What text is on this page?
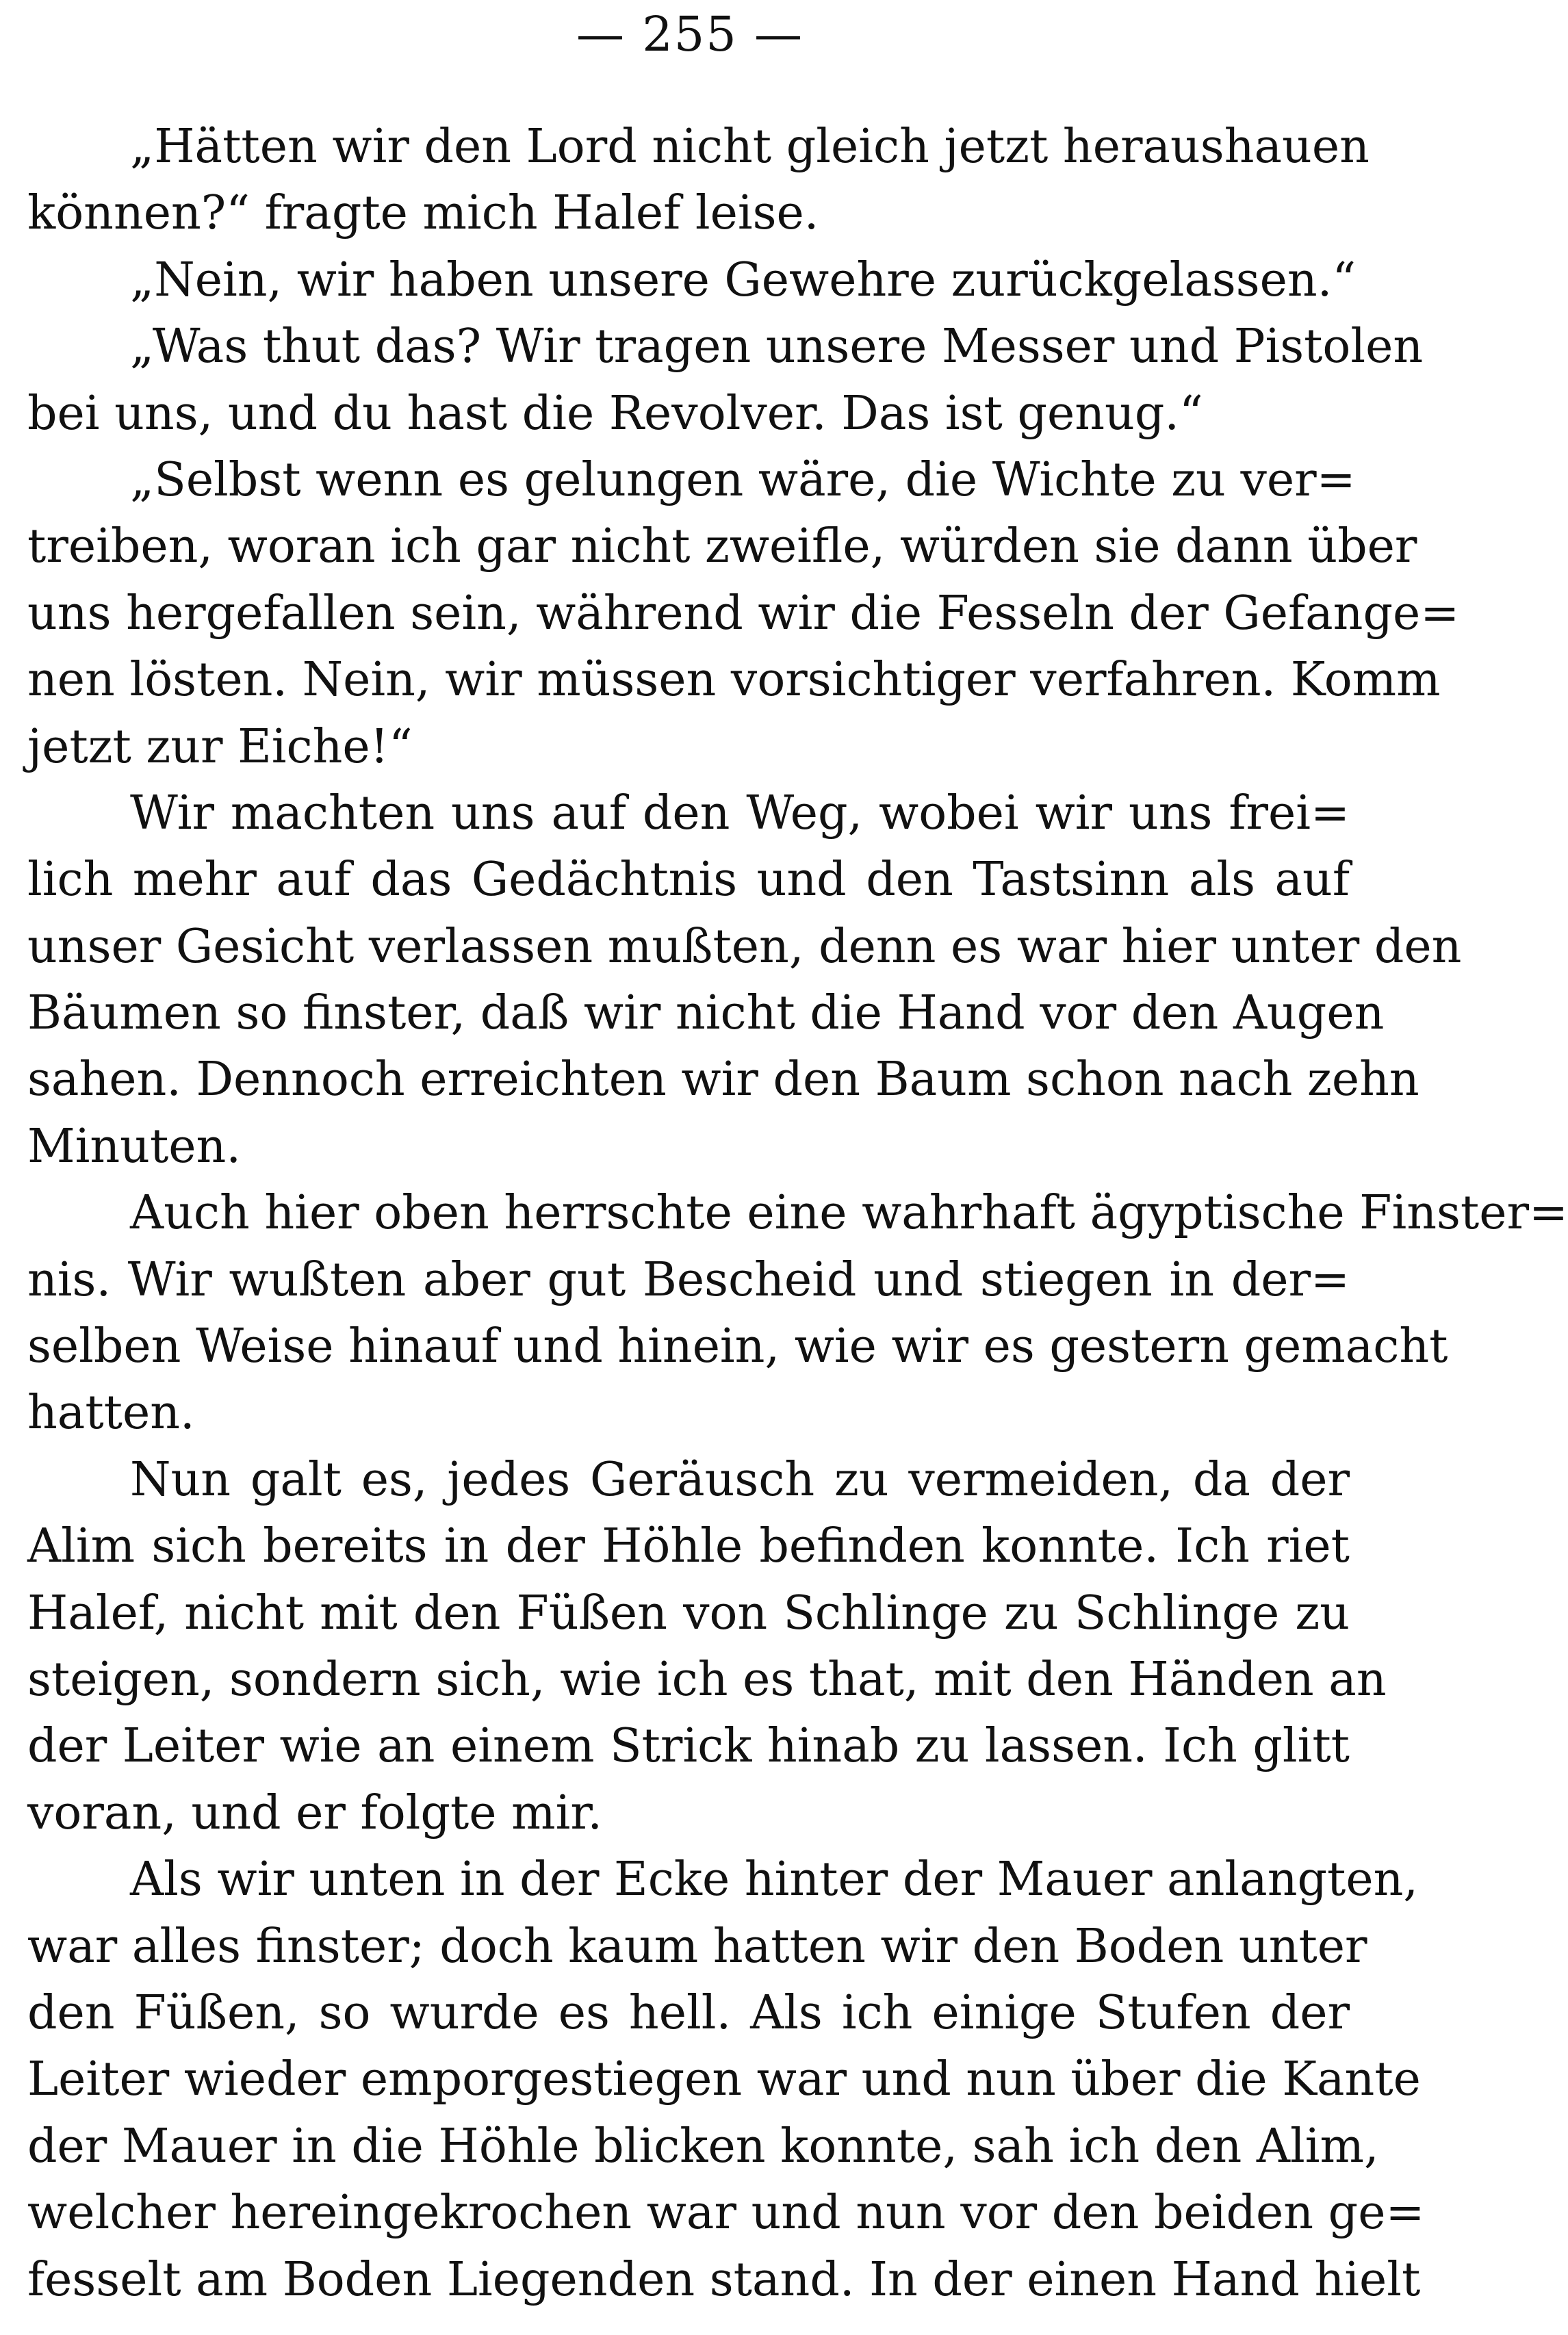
— 255 —
„Hätten wir den Lord nicht gleich jetzt heraushauen
können?“ fragte mich Halef leise.
„Nein, wir haben unsere Gewehre zurückgelassen.“
„Was thut das? Wir tragen unsere Messer und Pistolen
bei uns, und du hast die Revolver. Das ist genug.“
„Selbst wenn es gelungen wäre, die Wichte zu ver=
treiben, woran ich gar nicht zweifle, würden sie dann über
uns hergefallen sein, während wir die Fesseln der Gefange=
nen lösten. Nein, wir müssen vorsichtiger verfahren. Komm
jetzt zur Eiche!“
Wir machten uns auf den Weg, wobei wir uns frei=
lich mehr auf das Gedächtnis und den Tastsinn als auf
unser Gesicht verlassen mußten, denn es war hier unter den
Bäumen so finster, daß wir nicht die Hand vor den Augen
sahen. Dennoch erreichten wir den Baum schon nach zehn
Minuten.
Auch hier oben herrschte eine wahrhaft ägyptische Finster=
nis. Wir wußten aber gut Bescheid und stiegen in der=
selben Weise hinauf und hinein, wie wir es gestern gemacht
hatten.
Nun galt es, jedes Geräusch zu vermeiden, da der
Alim sich bereits in der Höhle befinden konnte. Ich riet
Halef, nicht mit den Füßen von Schlinge zu Schlinge zu
steigen, sondern sich, wie ich es that, mit den Händen an
der Leiter wie an einem Strick hinab zu lassen. Ich glitt
voran, und er folgte mir.
Als wir unten in der Ecke hinter der Mauer anlangten,
war alles finster; doch kaum hatten wir den Boden unter
den Füßen, so wurde es hell. Als ich einige Stufen der
Leiter wieder emporgestiegen war und nun über die Kante
der Mauer in die Höhle blicken konnte, sah ich den Alim,
welcher hereingekrochen war und nun vor den beiden ge=
fesselt am Boden Liegenden stand. In der einen Hand hielt
